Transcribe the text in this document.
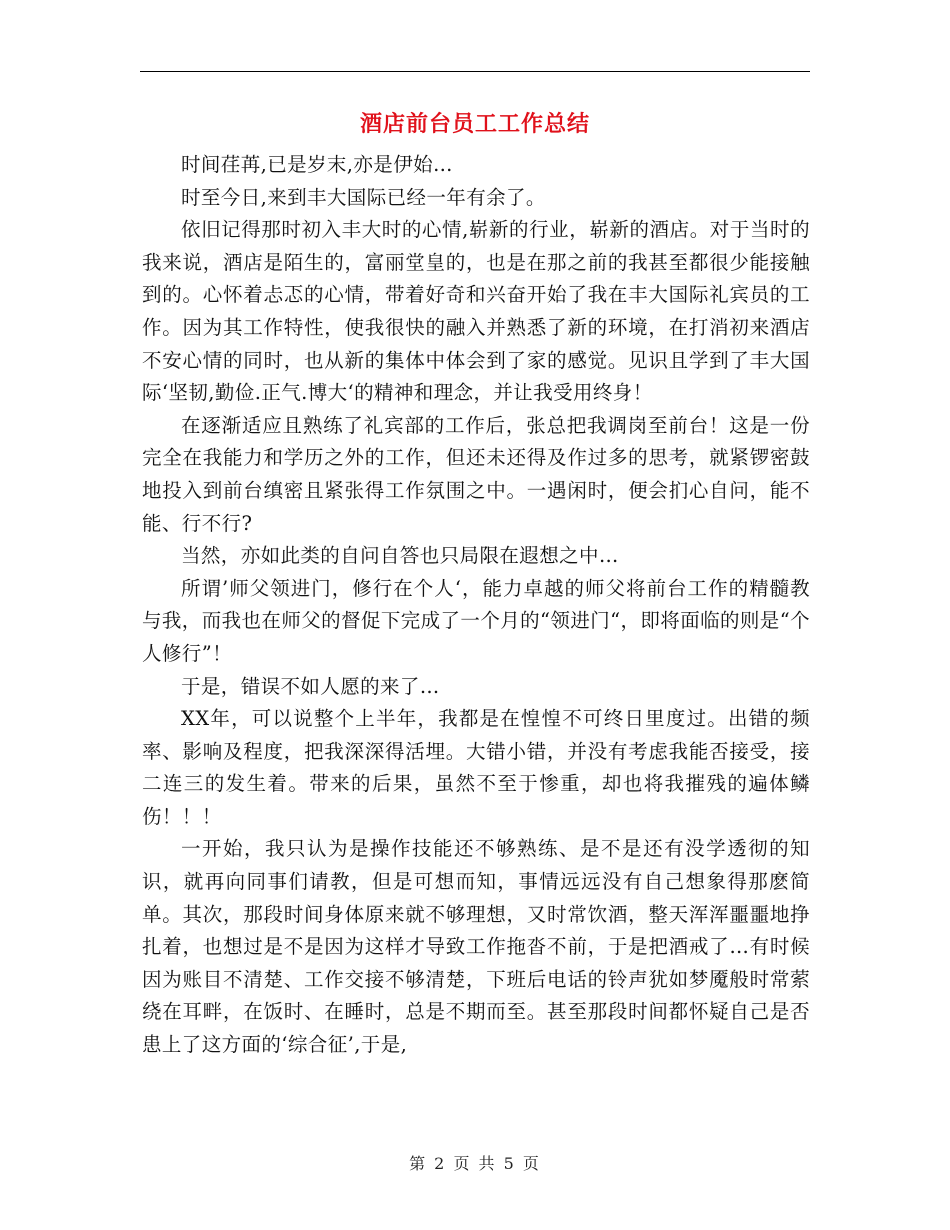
酒店前台员工工作总结

时间荏苒,已是岁末,亦是伊始…

时至今日,来到丰大国际已经一年有余了。

依旧记得那时初入丰大时的心情,崭新的行业，崭新的酒店。对于当时的我来说，酒店是陌生的，富丽堂皇的，也是在那之前的我甚至都很少能接触到的。心怀着忐忑的心情，带着好奇和兴奋开始了我在丰大国际礼宾员的工作。因为其工作特性，使我很快的融入并熟悉了新的环境，在打消初来酒店不安心情的同时，也从新的集体中体会到了家的感觉。见识且学到了丰大国际‘坚韧,勤俭.正气.博大‘的精神和理念，并让我受用终身！

在逐渐适应且熟练了礼宾部的工作后，张总把我调岗至前台！这是一份完全在我能力和学历之外的工作，但还未还得及作过多的思考，就紧锣密鼓地投入到前台缜密且紧张得工作氛围之中。一遇闲时，便会扪心自问，能不能、行不行?

当然，亦如此类的自问自答也只局限在遐想之中…

所谓’师父领进门，修行在个人‘，能力卓越的师父将前台工作的精髓教与我，而我也在师父的督促下完成了一个月的“领进门“，即将面临的则是“个人修行”！

于是，错误不如人愿的来了…

XX年，可以说整个上半年，我都是在惶惶不可终日里度过。出错的频率、影响及程度，把我深深得活埋。大错小错，并没有考虑我能否接受，接二连三的发生着。带来的后果，虽然不至于惨重，却也将我摧残的遍体鳞伤！！！

一开始，我只认为是操作技能还不够熟练、是不是还有没学透彻的知识，就再向同事们请教，但是可想而知，事情远远没有自己想象得那麽简单。其次，那段时间身体原来就不够理想，又时常饮酒，整天浑浑噩噩地挣扎着，也想过是不是因为这样才导致工作拖沓不前，于是把酒戒了…有时候因为账目不清楚、工作交接不够清楚，下班后电话的铃声犹如梦魇般时常萦绕在耳畔，在饭时、在睡时，总是不期而至。甚至那段时间都怀疑自己是否患上了这方面的‘综合征’,于是,

第 2 页 共 5 页
